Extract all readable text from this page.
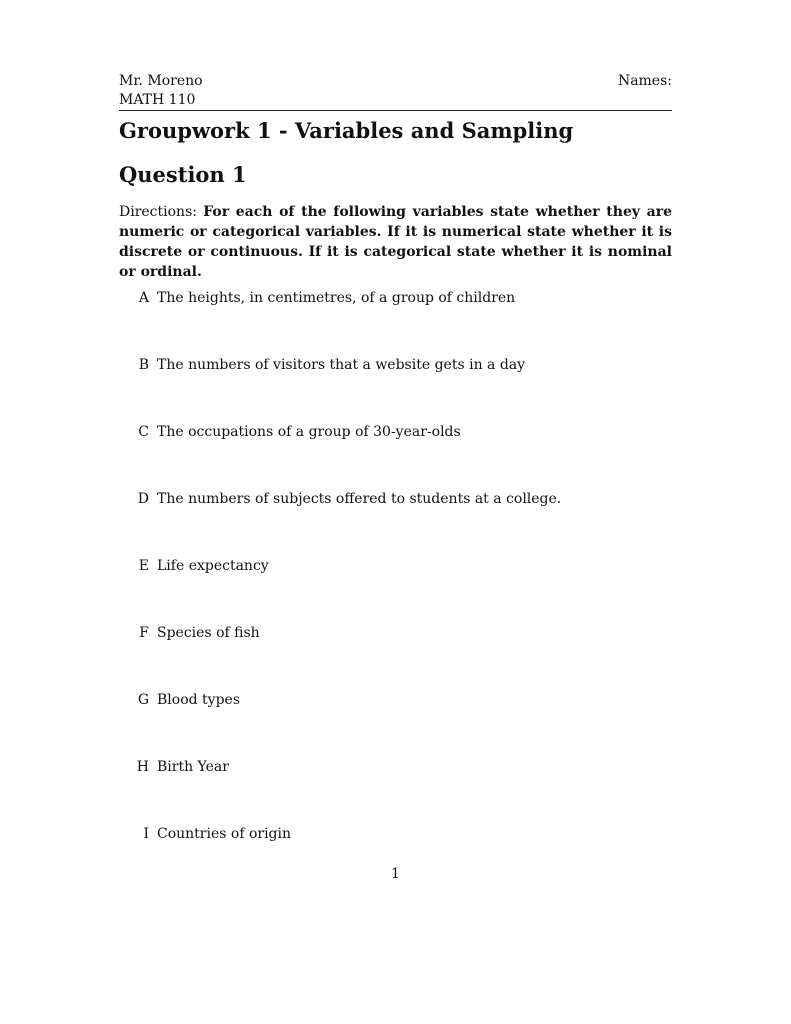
Mr. Moreno
MATH 110
Names:
Groupwork 1 - Variables and Sampling
Question 1
Directions: For each of the following variables state whether they are numeric or categorical variables. If it is numerical state whether it is discrete or continuous. If it is categorical state whether it is nominal or ordinal.
A The heights, in centimetres, of a group of children
B The numbers of visitors that a website gets in a day
C The occupations of a group of 30-year-olds
D The numbers of subjects offered to students at a college.
E Life expectancy
F Species of fish
G Blood types
H Birth Year
I Countries of origin
1
